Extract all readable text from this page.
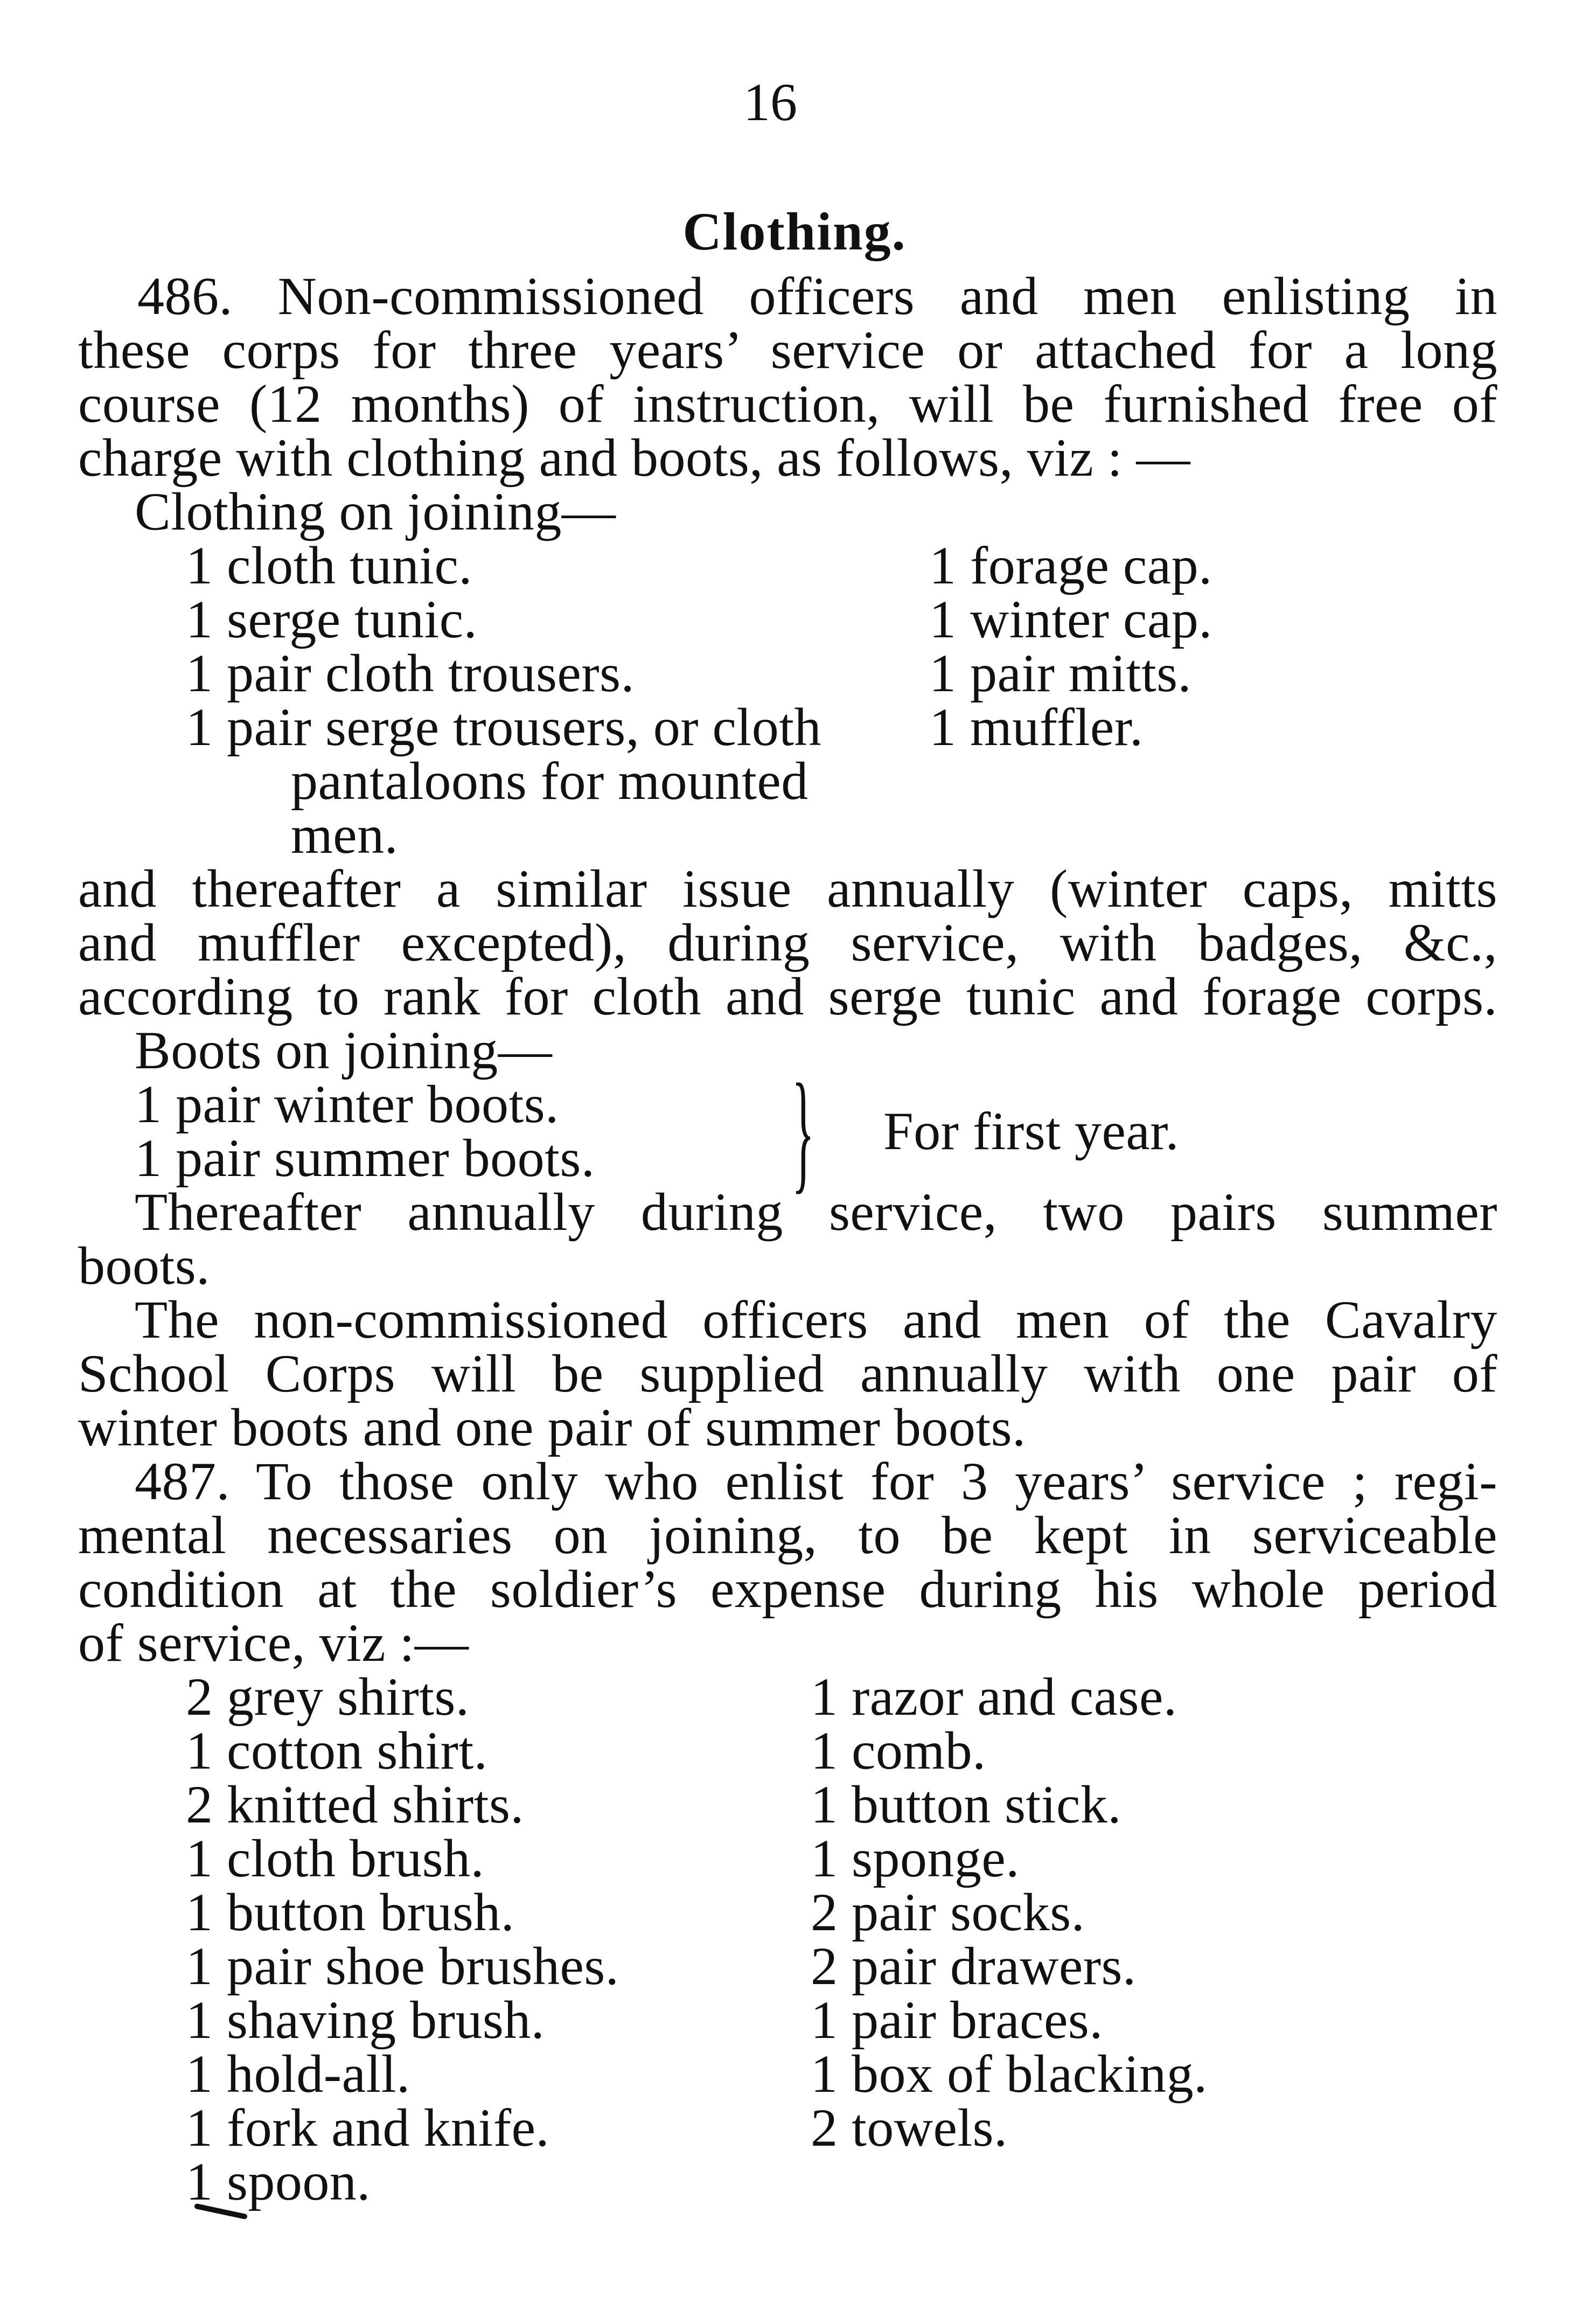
16
Clothing.
486. Non-commissioned officers and men enlisting in
these corps for three years’ service or attached for a long
course (12 months) of instruction, will be furnished free of
charge with clothing and boots, as follows, viz : —
Clothing on joining—
1 cloth tunic.
1 serge tunic.
1 pair cloth trousers.
1 pair serge trousers, or cloth
pantaloons for mounted
men.
1 forage cap.
1 winter cap.
1 pair mitts.
1 muffler.
and thereafter a similar issue annually (winter caps, mitts
and muffler excepted), during service, with badges, &c.,
according to rank for cloth and serge tunic and forage corps.
Boots on joining—
1 pair winter boots.
1 pair summer boots. } For first year.
Thereafter annually during service, two pairs summer
boots.
The non-commissioned officers and men of the Cavalry
School Corps will be supplied annually with one pair of
winter boots and one pair of summer boots.
487. To those only who enlist for 3 years’ service ; regi-
mental necessaries on joining, to be kept in serviceable
condition at the soldier’s expense during his whole period
of service, viz :—
2 grey shirts.
1 cotton shirt.
2 knitted shirts.
1 cloth brush.
1 button brush.
1 pair shoe brushes.
1 shaving brush.
1 hold-all.
1 fork and knife.
1 spoon.
1 razor and case.
1 comb.
1 button stick.
1 sponge.
2 pair socks.
2 pair drawers.
1 pair braces.
1 box of blacking.
2 towels.
